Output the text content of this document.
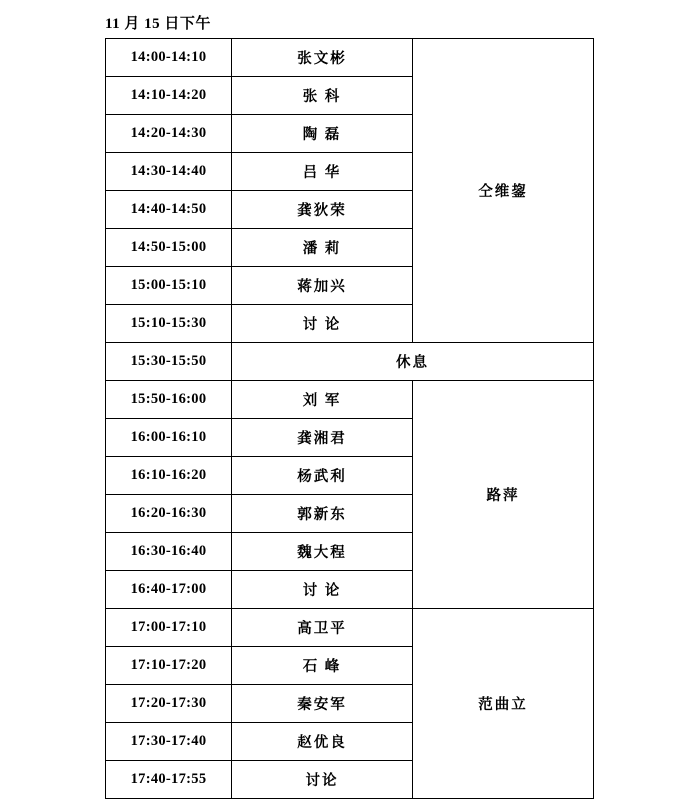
11 月 15 日下午
14:00-14:10	张文彬	仝维鋆
14:10-14:20	张 科	
14:20-14:30	陶 磊	
14:30-14:40	吕 华	
14:40-14:50	龚狄荣	
14:50-15:00	潘 莉	
15:00-15:10	蒋加兴	
15:10-15:30	讨 论	
15:30-15:50	休息	
15:50-16:00	刘 军	路萍
16:00-16:10	龚湘君	
16:10-16:20	杨武利	
16:20-16:30	郭新东	
16:30-16:40	魏大程	
16:40-17:00	讨 论	
17:00-17:10	高卫平	范曲立
17:10-17:20	石 峰	
17:20-17:30	秦安军	
17:30-17:40	赵优良	
17:40-17:55	讨论	
